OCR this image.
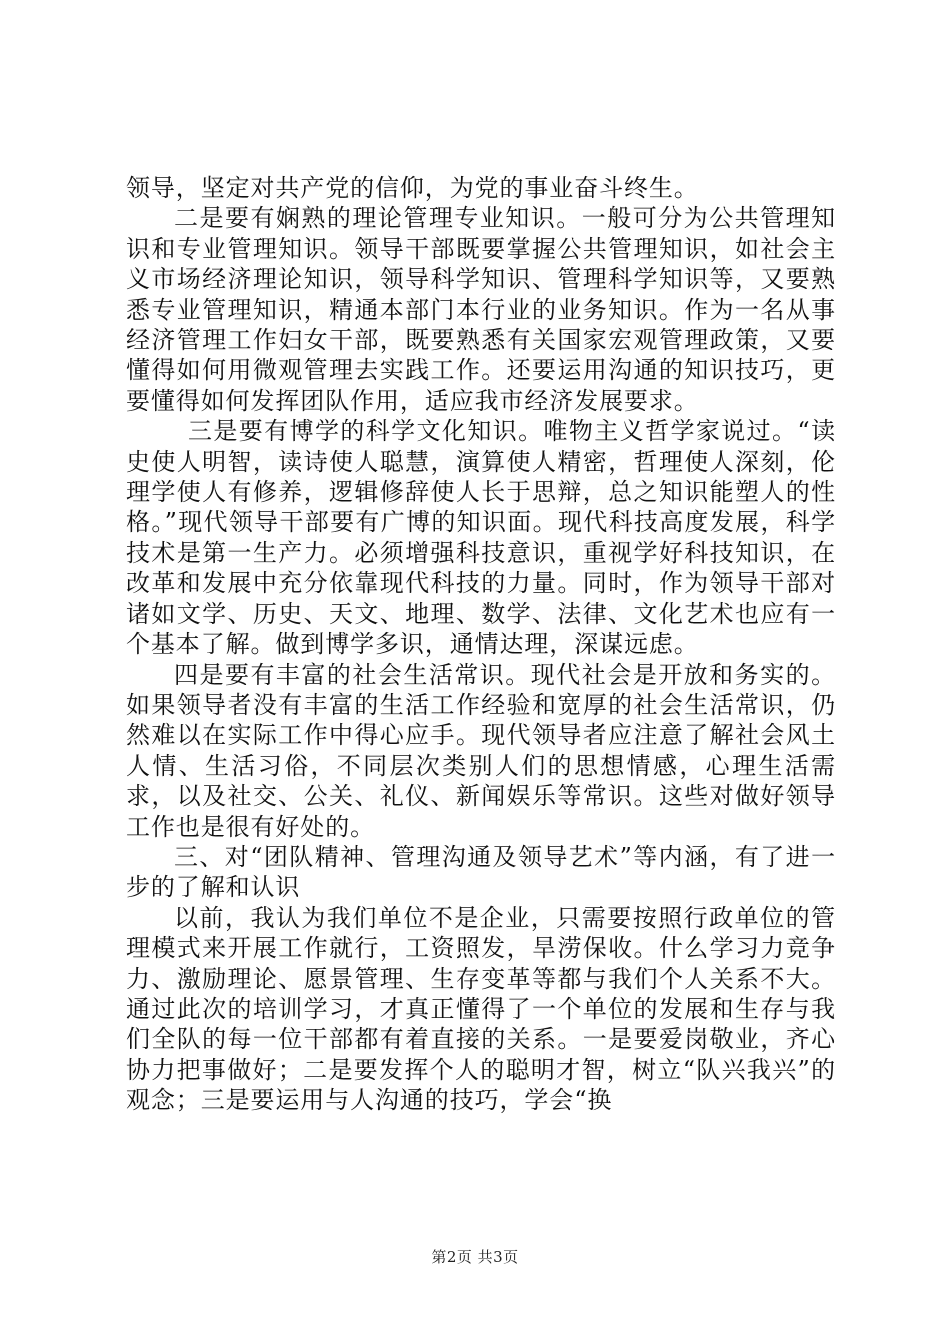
领导，坚定对共产党的信仰，为党的事业奋斗终生。

二是要有娴熟的理论管理专业知识。一般可分为公共管理知识和专业管理知识。领导干部既要掌握公共管理知识，如社会主义市场经济理论知识，领导科学知识、管理科学知识等，又要熟悉专业管理知识，精通本部门本行业的业务知识。作为一名从事经济管理工作妇女干部，既要熟悉有关国家宏观管理政策，又要懂得如何用微观管理去实践工作。还要运用沟通的知识技巧，更要懂得如何发挥团队作用，适应我市经济发展要求。

三是要有博学的科学文化知识。唯物主义哲学家说过。“读史使人明智，读诗使人聪慧，演算使人精密，哲理使人深刻，伦理学使人有修养，逻辑修辞使人长于思辩，总之知识能塑人的性格。”现代领导干部要有广博的知识面。现代科技高度发展，科学技术是第一生产力。必须增强科技意识，重视学好科技知识，在改革和发展中充分依靠现代科技的力量。同时，作为领导干部对诸如文学、历史、天文、地理、数学、法律、文化艺术也应有一个基本了解。做到博学多识，通情达理，深谋远虑。

四是要有丰富的社会生活常识。现代社会是开放和务实的。如果领导者没有丰富的生活工作经验和宽厚的社会生活常识，仍然难以在实际工作中得心应手。现代领导者应注意了解社会风土人情、生活习俗，不同层次类别人们的思想情感，心理生活需求，以及社交、公关、礼仪、新闻娱乐等常识。这些对做好领导工作也是很有好处的。

三、对“团队精神、管理沟通及领导艺术”等内涵，有了进一步的了解和认识

以前，我认为我们单位不是企业，只需要按照行政单位的管理模式来开展工作就行，工资照发，旱涝保收。什么学习力竞争力、激励理论、愿景管理、生存变革等都与我们个人关系不大。通过此次的培训学习，才真正懂得了一个单位的发展和生存与我们全队的每一位干部都有着直接的关系。一是要爱岗敬业，齐心协力把事做好；二是要发挥个人的聪明才智，树立“队兴我兴”的观念；三是要运用与人沟通的技巧，学会“换

第2页 共3页
